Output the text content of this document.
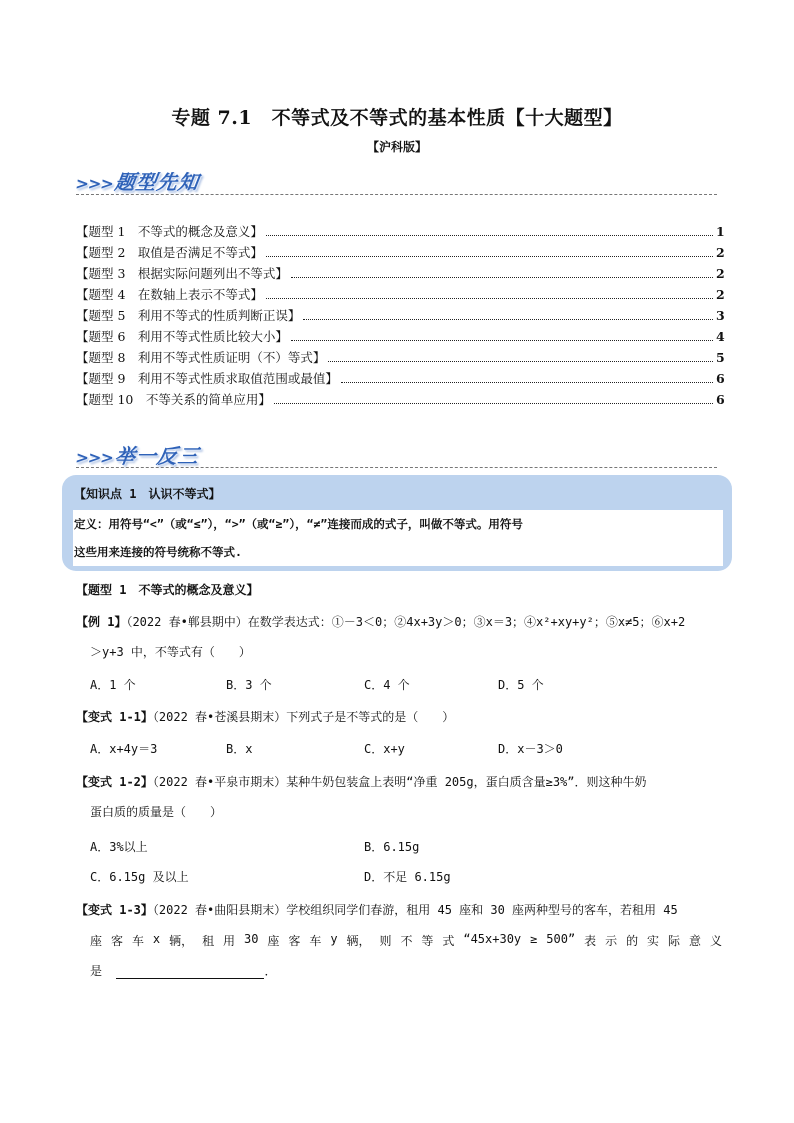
专题 7.1　不等式及不等式的基本性质【十大题型】
【沪科版】
>>>题型先知
【题型 1　不等式的概念及意义】	1
【题型 2　取值是否满足不等式】	2
【题型 3　根据实际问题列出不等式】	2
【题型 4　在数轴上表示不等式】	2
【题型 5　利用不等式的性质判断正误】	3
【题型 6　利用不等式性质比较大小】	4
【题型 8　利用不等式性质证明（不）等式】	5
【题型 9　利用不等式性质求取值范围或最值】	6
【题型 10　不等关系的简单应用】	6
>>>举一反三
【知识点 1　认识不等式】
定义：用符号“<”（或“≤”），“>”（或“≥”），“≠”连接而成的式子，叫做不等式。用符号
这些用来连接的符号统称不等式.
【题型 1　不等式的概念及意义】
【例 1】（2022 春•郸县期中）在数学表达式：①－3＜0；②4x+3y＞0；③x＝3；④x²+xy+y²；⑤x≠5；⑥x+2
＞y+3 中，不等式有（　　）
A．1 个	B．3 个	C．4 个	D．5 个
【变式 1-1】（2022 春•苍溪县期末）下列式子是不等式的是（　　）
A．x+4y＝3	B．x	C．x+y	D．x－3＞0
【变式 1-2】（2022 春•平泉市期末）某种牛奶包装盒上表明“净重 205g，蛋白质含量≥3%”．则这种牛奶
蛋白质的质量是（　　）
A．3%以上	B．6.15g
C．6.15g 及以上	D．不足 6.15g
【变式 1-3】（2022 春•曲阳县期末）学校组织同学们春游，租用 45 座和 30 座两种型号的客车，若租用 45
座 客 车 x 辆， 租 用 30 座 客 车 y 辆， 则 不 等 式 “45x+30y ≥ 500” 表 示 的 实 际 意 义
是	．
